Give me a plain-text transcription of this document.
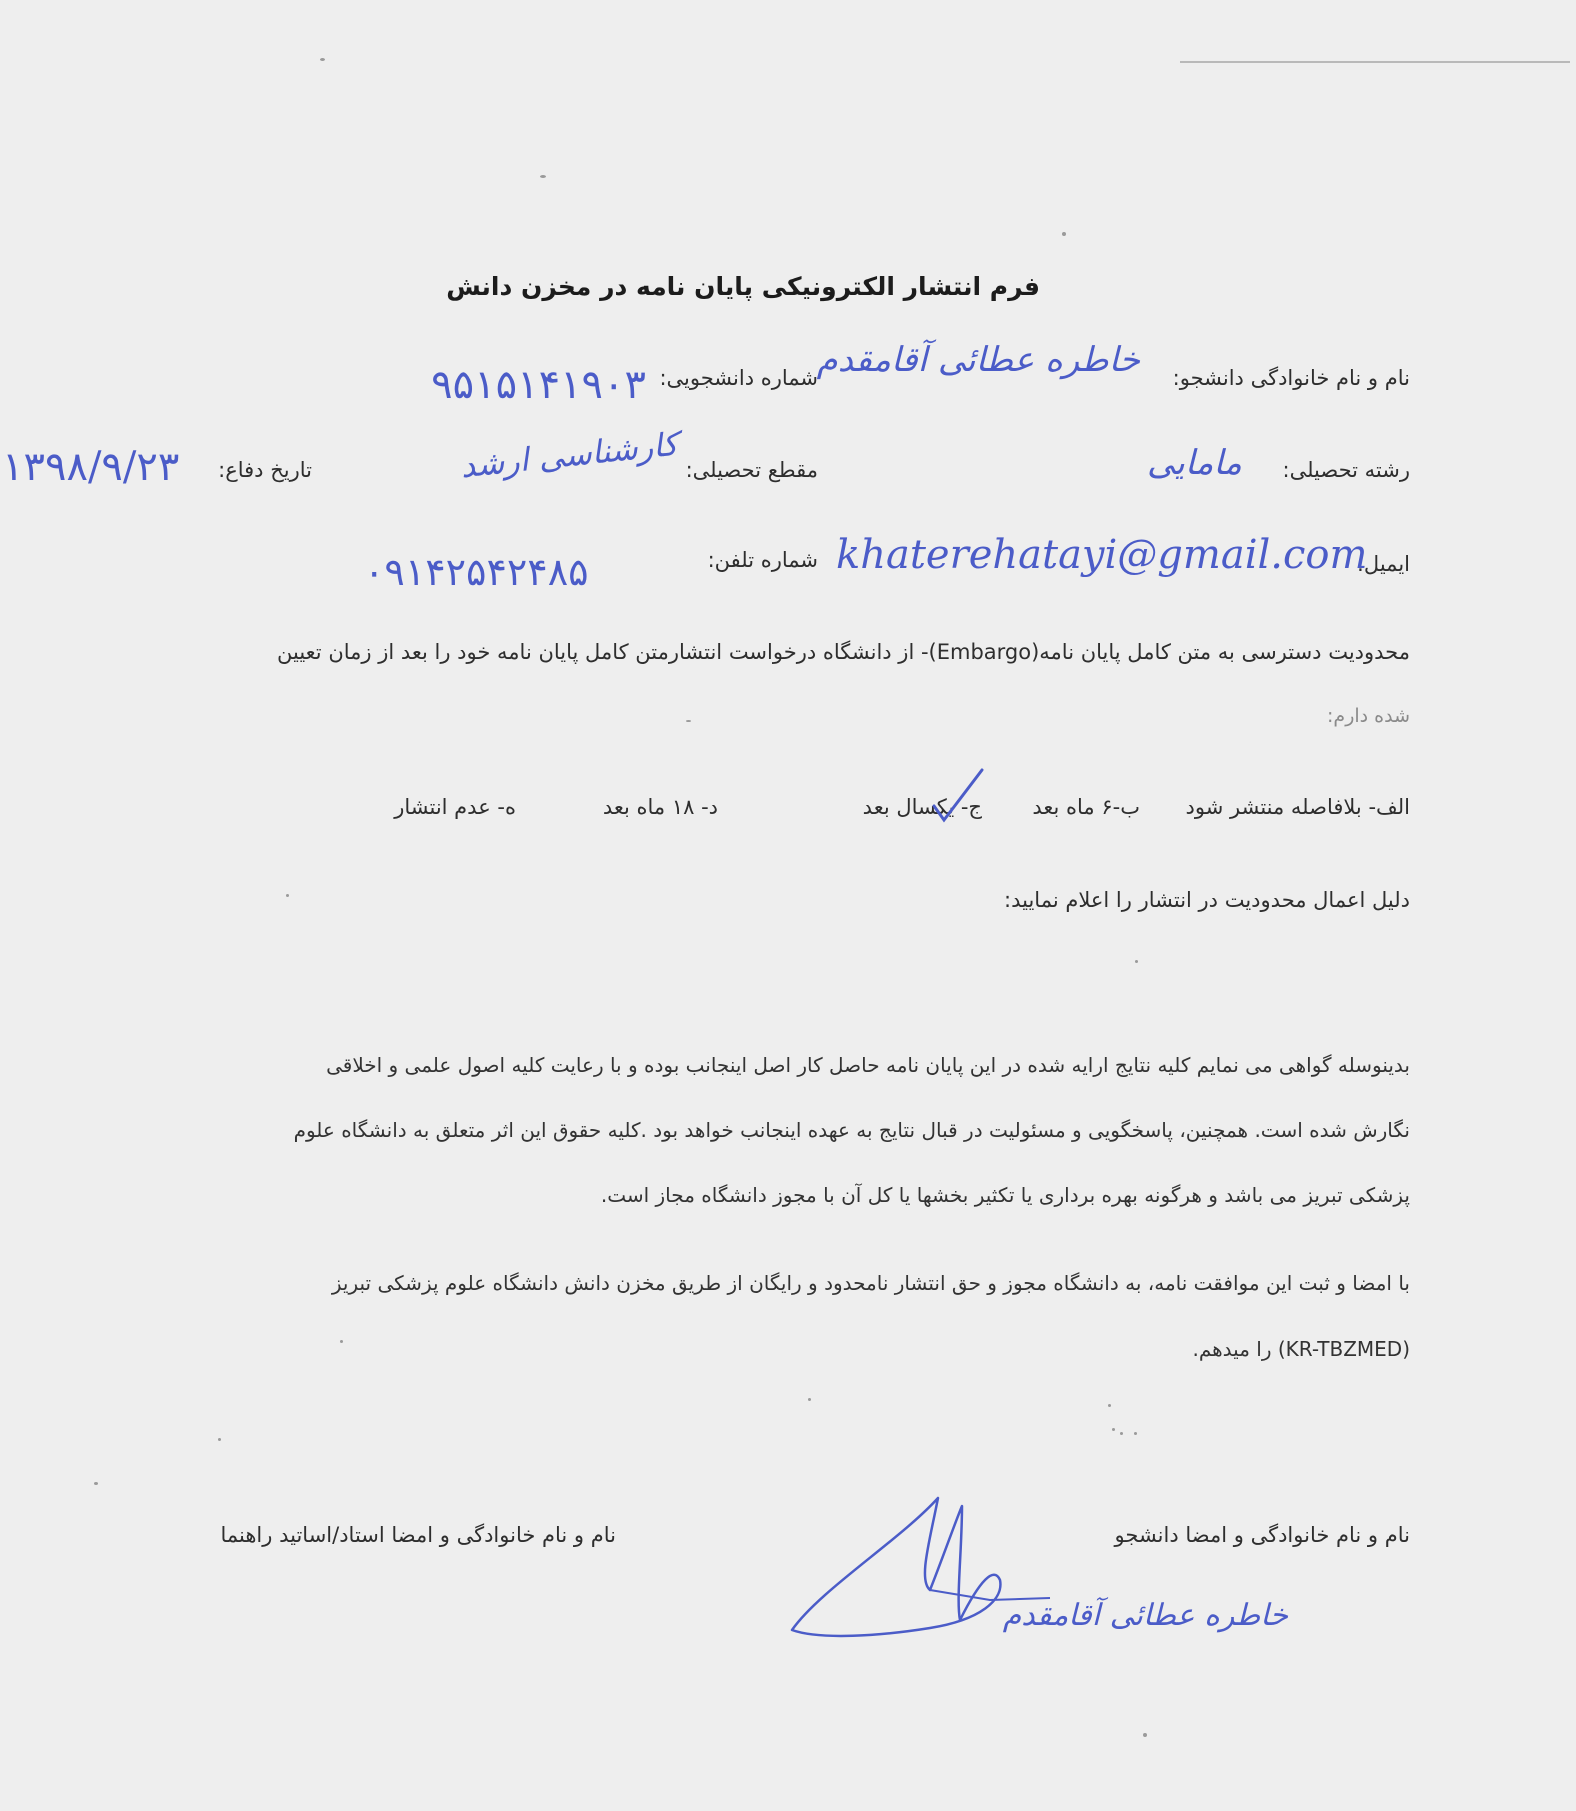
فرم انتشار الکترونیکی پایان نامه در مخزن دانش
نام و نام خانوادگی دانشجو:
خاطره عطائی آقامقدم
شماره دانشجویی:
۹۵۱۵۱۴۱۹۰۳
رشته تحصیلی:
مامایی
مقطع تحصیلی:
کارشناسی ارشد
تاریخ دفاع:
۱۳۹۸/۹/۲۳
ایمیل:
khaterehatayi@gmail.com
شماره تلفن:
۰۹۱۴۲۵۴۲۴۸۵
محدودیت دسترسی به متن کامل پایان نامه(Embargo)- از دانشگاه درخواست انتشارمتن کامل پایان نامه خود را بعد از زمان تعیین
شده دارم:
الف- بلافاصله منتشر شود
ب-۶ ماه بعد
ج- یکسال بعد
د- ۱۸ ماه بعد
ه- عدم انتشار
دلیل اعمال محدودیت در انتشار را اعلام نمایید:
بدینوسله گواهی می نمایم کلیه نتایج ارایه شده در این پایان نامه حاصل کار اصل اینجانب بوده و با رعایت کلیه اصول علمی و اخلاقی
نگارش شده است. همچنین، پاسخگویی و مسئولیت در قبال نتایج به عهده اینجانب خواهد بود .کلیه حقوق این اثر متعلق به دانشگاه علوم
پزشکی تبریز می باشد و هرگونه بهره برداری یا تکثیر بخشها یا کل آن با مجوز دانشگاه مجاز است.
با امضا و ثبت این موافقت نامه، به دانشگاه مجوز و حق انتشار نامحدود و رایگان از طریق مخزن دانش دانشگاه علوم پزشکی تبریز
(KR-TBZMED) را میدهم.
نام و نام خانوادگی و امضا دانشجو
نام و نام خانوادگی و امضا استاد/اساتید راهنما
خاطره عطائی آقامقدم
